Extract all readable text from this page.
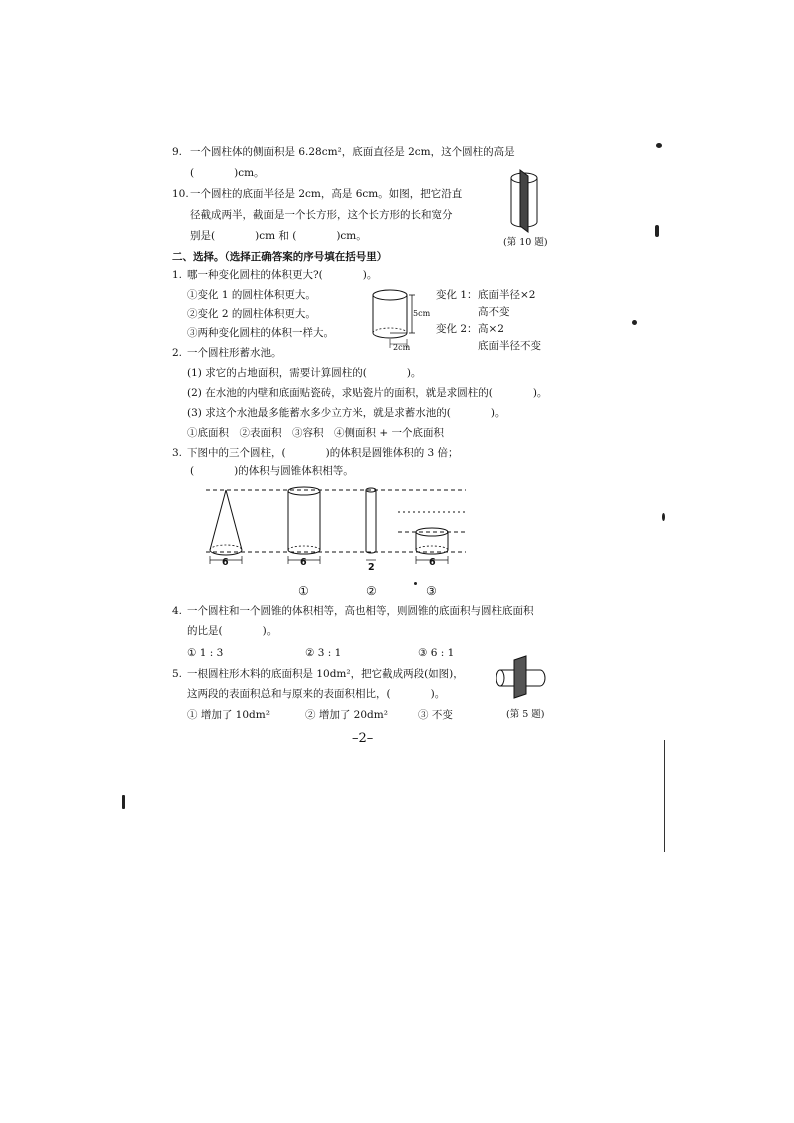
9. 一个圆柱体的侧面积是 6.28cm²，底面直径是 2cm，这个圆柱的高是
(	)cm。
10. 一个圆柱的底面半径是 2cm，高是 6cm。如图，把它沿直
径截成两半，截面是一个长方形，这个长方形的长和宽分
别是(	)cm 和 (	)cm。
(第 10 题)
二、选择。（选择正确答案的序号填在括号里）
1. 哪一种变化圆柱的体积更大?(	)。
①变化 1 的圆柱体积更大。
②变化 2 的圆柱体积更大。
③两种变化圆柱的体积一样大。
5cm
2cm
变化 1： 底面半径×2
高不变
变化 2： 高×2
底面半径不变
2. 一个圆柱形蓄水池。
(1) 求它的占地面积，需要计算圆柱的(	)。
(2) 在水池的内壁和底面贴瓷砖，求贴瓷片的面积，就是求圆柱的(	)。
(3) 求这个水池最多能蓄水多少立方米，就是求蓄水池的(	)。
①底面积　②表面积　③容积　④侧面积 + 一个底面积
3. 下图中的三个圆柱，(	)的体积是圆锥体积的 3 倍；
(	)的体积与圆锥体积相等。
6	6	2	6
①	②	③
4. 一个圆柱和一个圆锥的体积相等，高也相等，则圆锥的底面积与圆柱底面积
的比是(	)。
① 1 : 3	② 3 : 1	③ 6 : 1
5. 一根圆柱形木料的底面积是 10dm²，把它截成两段(如图)，
这两段的表面积总和与原来的表面积相比，(	)。
① 增加了 10dm²	② 增加了 20dm²	③ 不变	(第 5 题)
–2–
